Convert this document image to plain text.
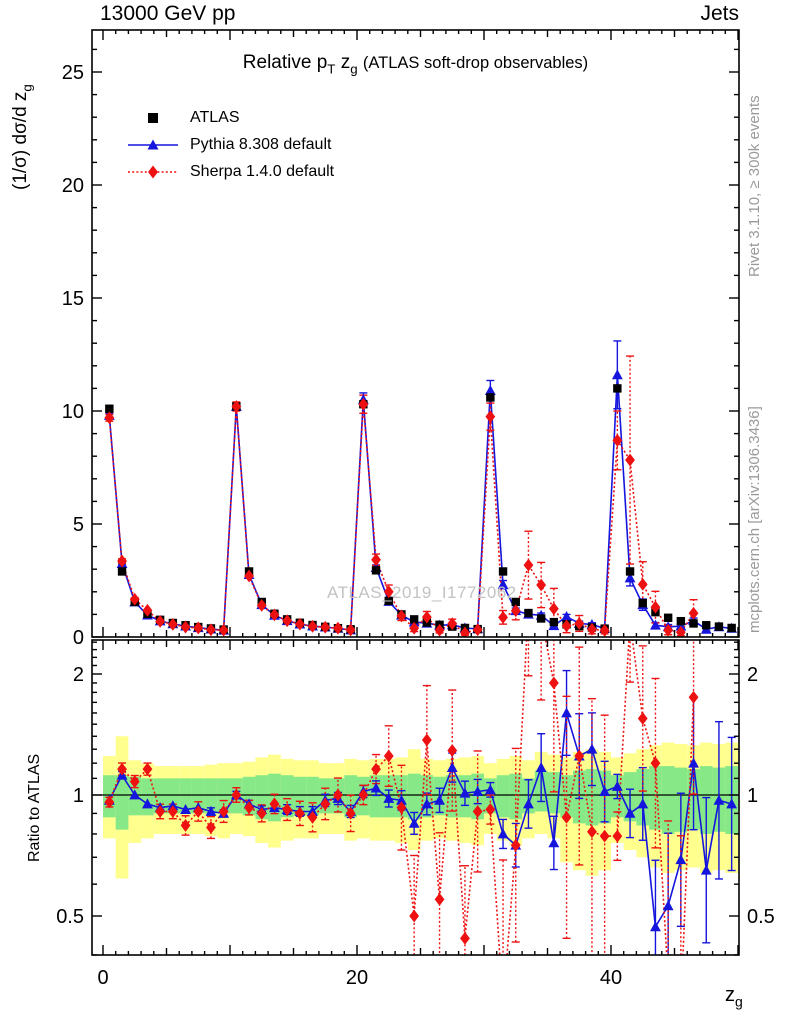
0
5
10
15
20
25
0.5	0.5
1	1
2	2
0	20	40
13000 GeV pp	Jets
Relative $p_T$ $z_g$ (ATLAS soft-drop observables)
ATLAS
Pythia 8.308 default
Sherpa 1.4.0 default
(1/σ) dσ/d $z_g$
Ratio to ATLAS
Rivet 3.1.10, ≥ 300k events
mcplots.cern.ch [arXiv:1306.3436]
ATLAS_2019_I1772062
$z_g$
